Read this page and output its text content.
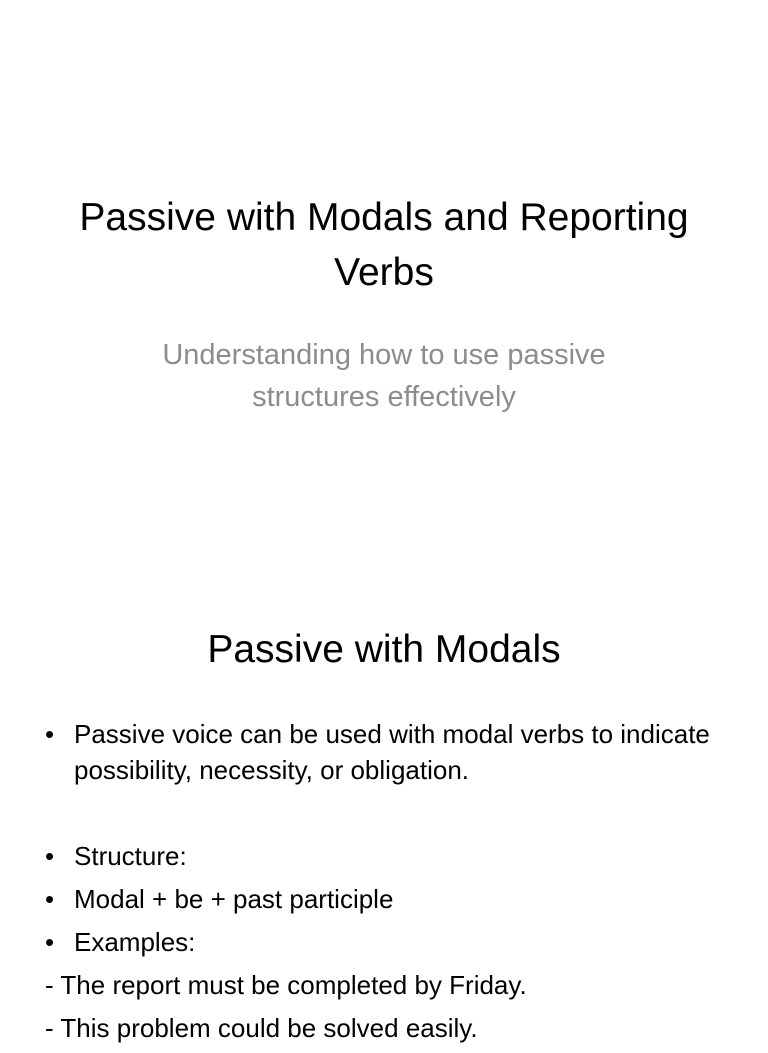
Passive with Modals and Reporting Verbs
Understanding how to use passive structures effectively
Passive with Modals
• Passive voice can be used with modal verbs to indicate possibility, necessity, or obligation.
• Structure:
• Modal + be + past participle
• Examples:
- The report must be completed by Friday.
- This problem could be solved easily.
